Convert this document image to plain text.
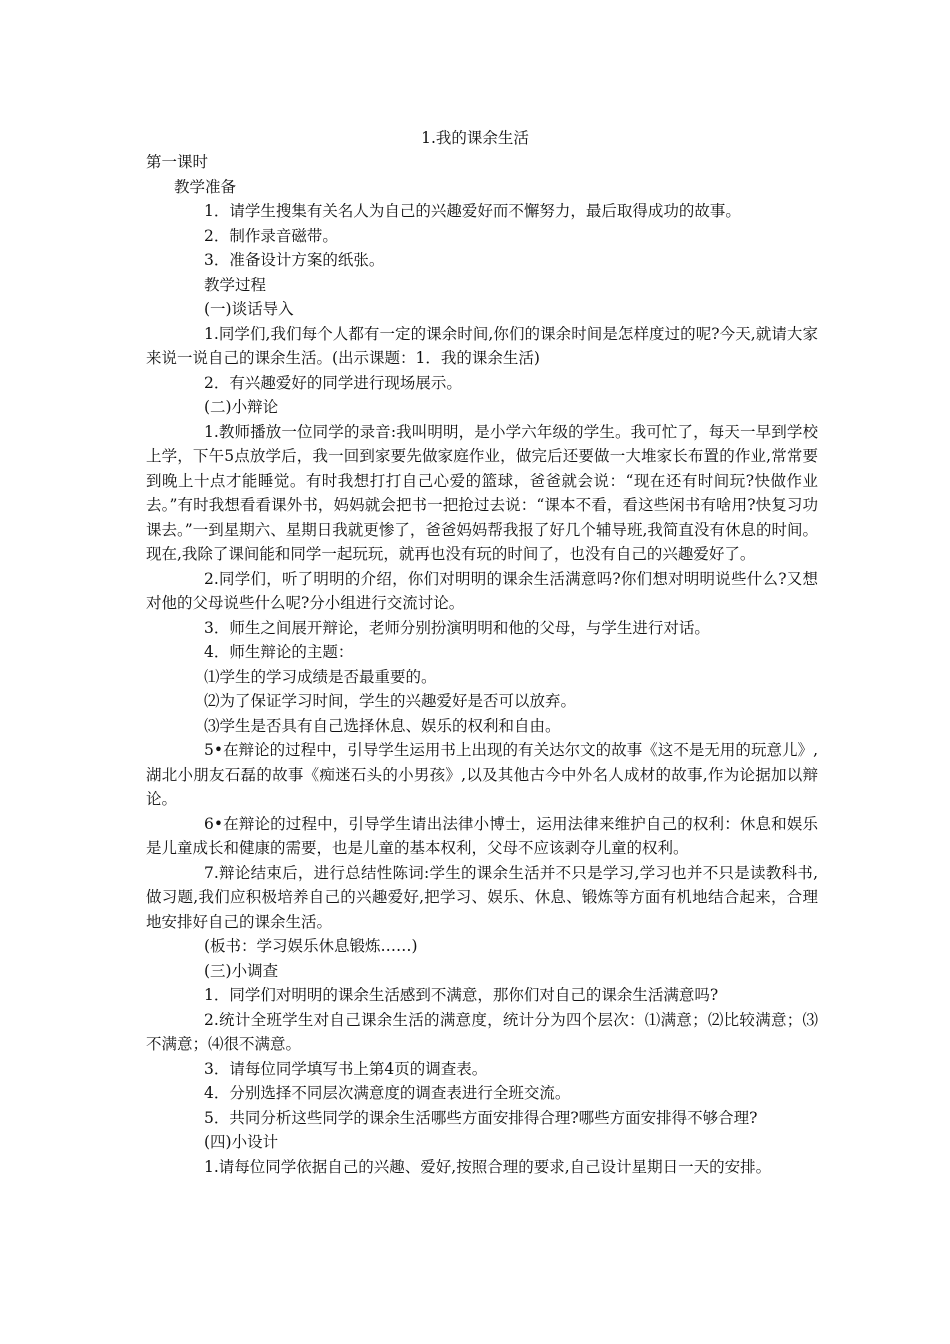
1.我的课余生活

第一课时

教学准备

1．请学生搜集有关名人为自己的兴趣爱好而不懈努力，最后取得成功的故事。

2．制作录音磁带。

3．准备设计方案的纸张。

教学过程

(一)谈话导入

1.同学们,我们每个人都有一定的课余时间,你们的课余时间是怎样度过的呢?今天,就请大家来说一说自己的课余生活。(出示课题：1．我的课余生活)

2．有兴趣爱好的同学进行现场展示。

(二)小辩论

1.教师播放一位同学的录音:我叫明明，是小学六年级的学生。我可忙了，每天一早到学校上学，下午5点放学后，我一回到家要先做家庭作业，做完后还要做一大堆家长布置的作业,常常要到晚上十点才能睡觉。有时我想打打自己心爱的篮球，爸爸就会说：“现在还有时间玩?快做作业去。”有时我想看看课外书，妈妈就会把书一把抢过去说：“课本不看，看这些闲书有啥用?快复习功课去。”一到星期六、星期日我就更惨了，爸爸妈妈帮我报了好几个辅导班,我简直没有休息的时间。现在,我除了课间能和同学一起玩玩，就再也没有玩的时间了，也没有自己的兴趣爱好了。

2.同学们，听了明明的介绍，你们对明明的课余生活满意吗?你们想对明明说些什么?又想对他的父母说些什么呢?分小组进行交流讨论。

3．师生之间展开辩论，老师分别扮演明明和他的父母，与学生进行对话。

4．师生辩论的主题：

⑴学生的学习成绩是否最重要的。

⑵为了保证学习时间，学生的兴趣爱好是否可以放弃。

⑶学生是否具有自己选择休息、娱乐的权利和自由。

5•在辩论的过程中，引导学生运用书上出现的有关达尔文的故事《这不是无用的玩意儿》,湖北小朋友石磊的故事《痴迷石头的小男孩》,以及其他古今中外名人成材的故事,作为论据加以辩论。

6•在辩论的过程中，引导学生请出法律小博士，运用法律来维护自己的权利：休息和娱乐是儿童成长和健康的需要，也是儿童的基本权利，父母不应该剥夺儿童的权利。

7.辩论结束后，进行总结性陈词:学生的课余生活并不只是学习,学习也并不只是读教科书,做习题,我们应积极培养自己的兴趣爱好,把学习、娱乐、休息、锻炼等方面有机地结合起来，合理地安排好自己的课余生活。

(板书：学习娱乐休息锻炼……)

(三)小调查

1．同学们对明明的课余生活感到不满意，那你们对自己的课余生活满意吗?

2.统计全班学生对自己课余生活的满意度，统计分为四个层次：⑴满意；⑵比较满意；⑶不满意；⑷很不满意。

3．请每位同学填写书上第4页的调查表。

4．分别选择不同层次满意度的调查表进行全班交流。

5．共同分析这些同学的课余生活哪些方面安排得合理?哪些方面安排得不够合理?

(四)小设计

1.请每位同学依据自己的兴趣、爱好,按照合理的要求,自己设计星期日一天的安排。
